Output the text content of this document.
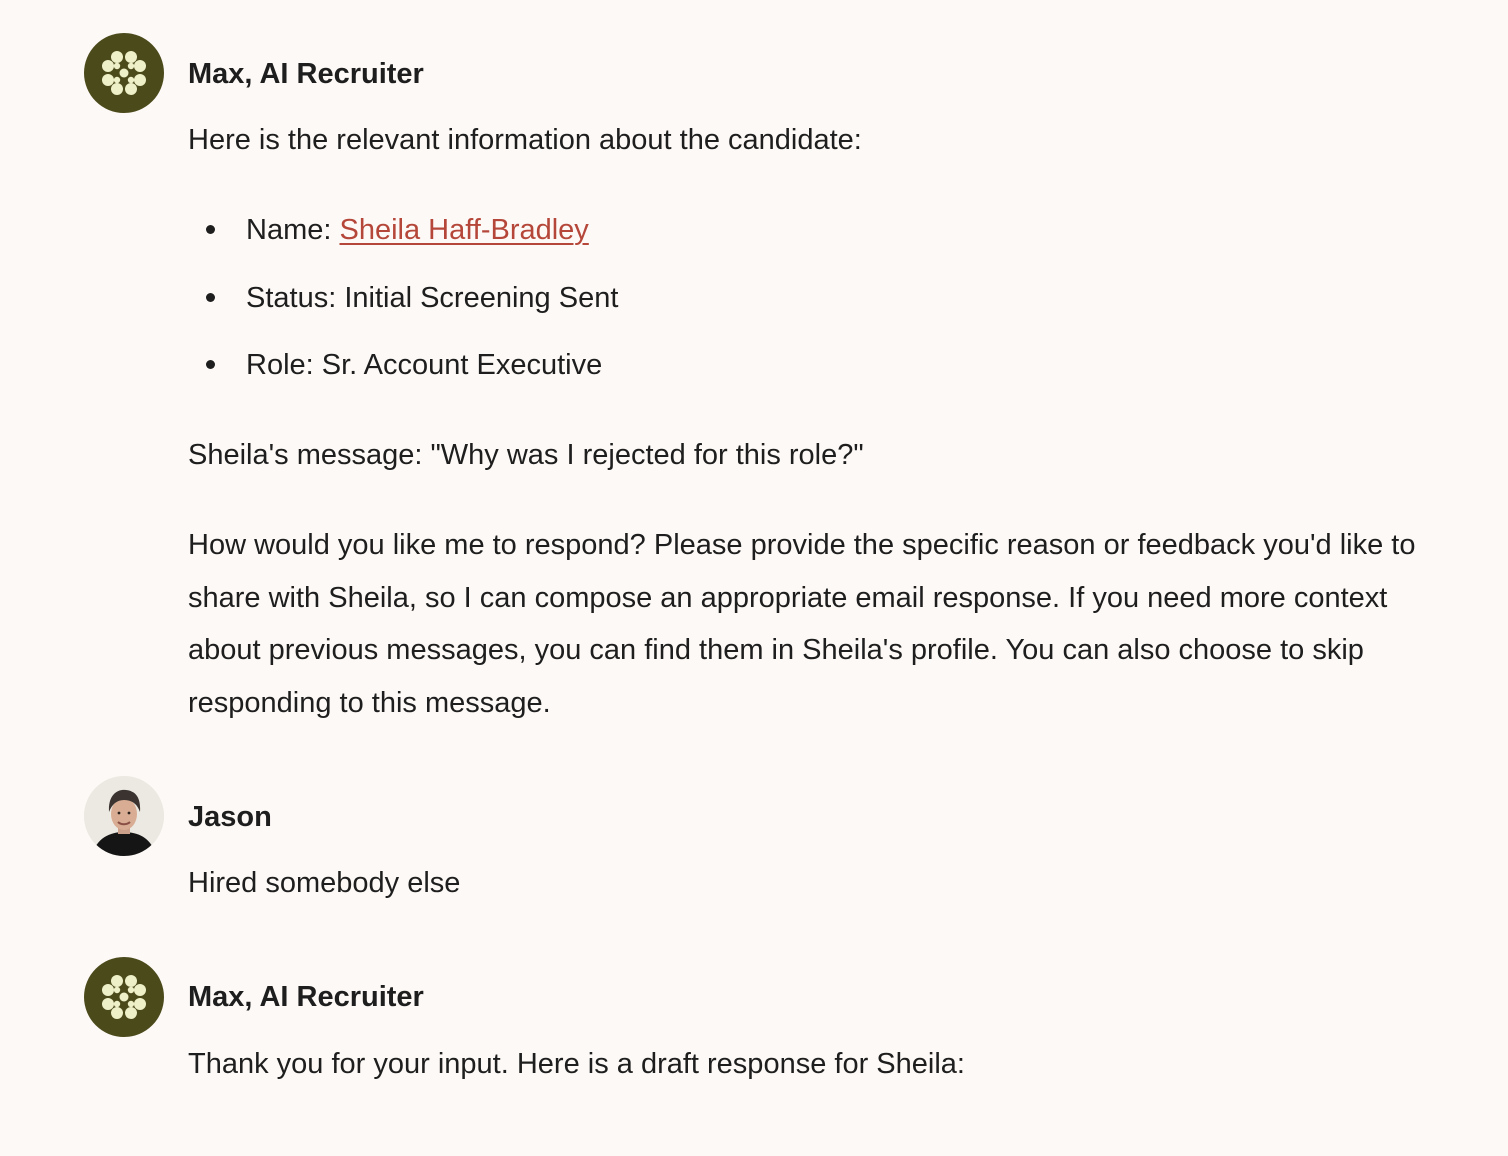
Max, AI Recruiter
Here is the relevant information about the candidate:
Name: Sheila Haff-Bradley
Status: Initial Screening Sent
Role: Sr. Account Executive
Sheila's message: "Why was I rejected for this role?"
How would you like me to respond? Please provide the specific reason or feedback you'd like to share with Sheila, so I can compose an appropriate email response. If you need more context about previous messages, you can find them in Sheila's profile. You can also choose to skip responding to this message.
Jason
Hired somebody else
Max, AI Recruiter
Thank you for your input. Here is a draft response for Sheila:
